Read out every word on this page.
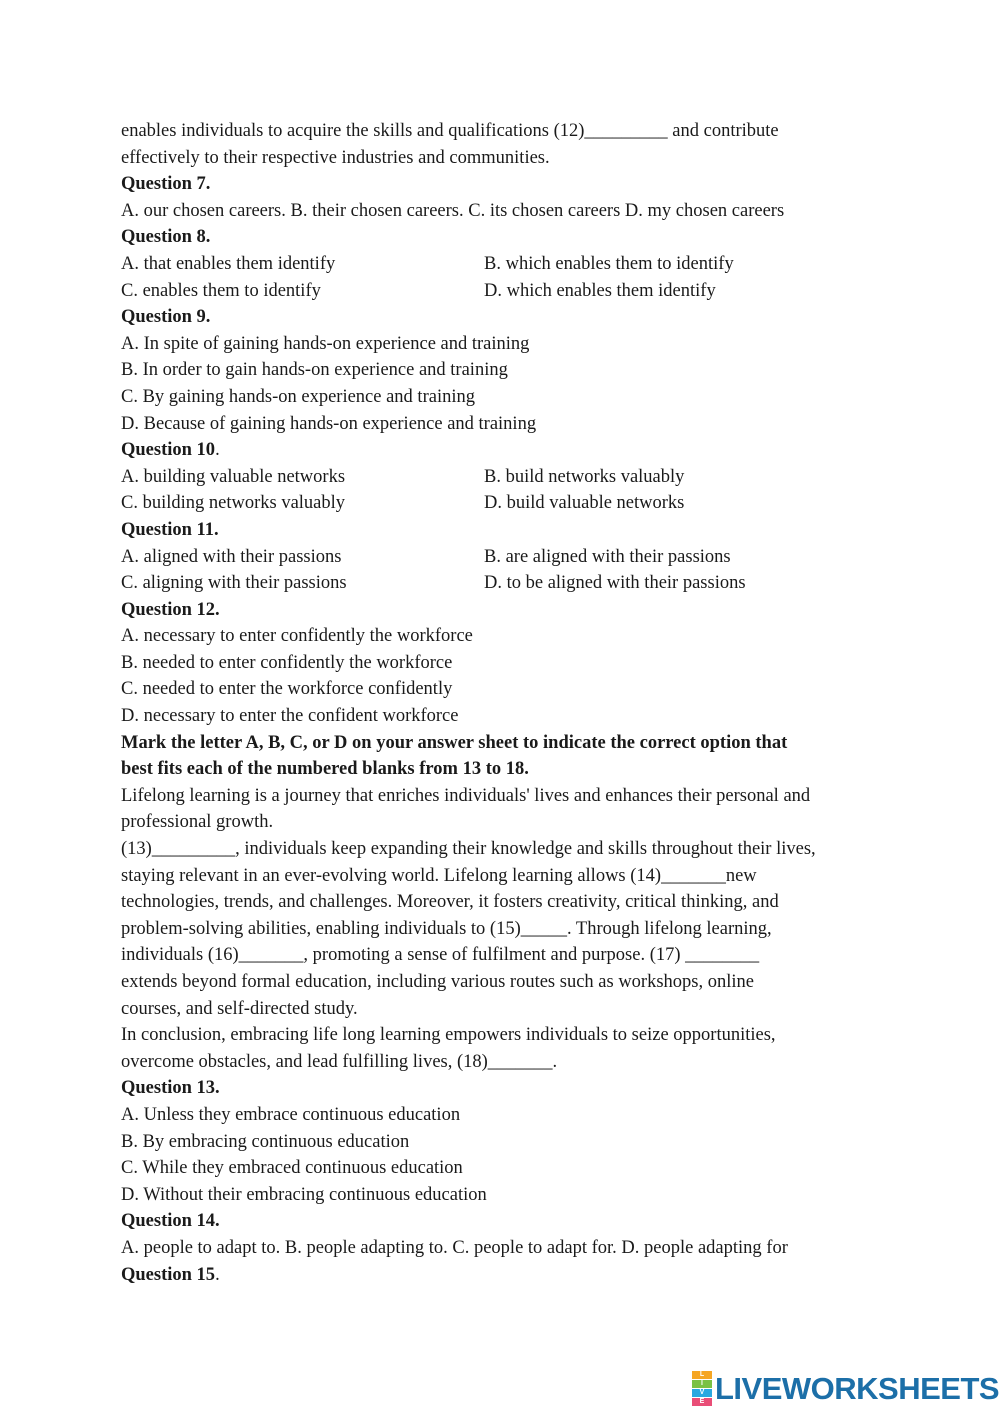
enables individuals to acquire the skills and qualifications (12)_________ and contribute
effectively to their respective industries and communities.
Question 7.
A. our chosen careers. B. their chosen careers. C. its chosen careers D. my chosen careers
Question 8.
A. that enables them identify	B. which enables them to identify
C. enables them to identify	D. which enables them identify
Question 9.
A. In spite of gaining hands-on experience and training
B. In order to gain hands-on experience and training
C. By gaining hands-on experience and training
D. Because of gaining hands-on experience and training
Question 10.
A. building valuable networks	B. build networks valuably
C. building networks valuably	D. build valuable networks
Question 11.
A. aligned with their passions	B. are aligned with their passions
C. aligning with their passions	D. to be aligned with their passions
Question 12.
A. necessary to enter confidently the workforce
B. needed to enter confidently the workforce
C. needed to enter the workforce confidently
D. necessary to enter the confident workforce
Mark the letter A, B, C, or D on your answer sheet to indicate the correct option that
best fits each of the numbered blanks from 13 to 18.
Lifelong learning is a journey that enriches individuals' lives and enhances their personal and
professional growth.
(13)_________, individuals keep expanding their knowledge and skills throughout their lives,
staying relevant in an ever-evolving world. Lifelong learning allows (14)_______new
technologies, trends, and challenges. Moreover, it fosters creativity, critical thinking, and
problem-solving abilities, enabling individuals to (15)_____. Through lifelong learning,
individuals (16)_______, promoting a sense of fulfilment and purpose. (17) ________
extends beyond formal education, including various routes such as workshops, online
courses, and self-directed study.
In conclusion, embracing life long learning empowers individuals to seize opportunities,
overcome obstacles, and lead fulfilling lives, (18)_______.
Question 13.
A. Unless they embrace continuous education
B. By embracing continuous education
C. While they embraced continuous education
D. Without their embracing continuous education
Question 14.
A. people to adapt to. B. people adapting to. C. people to adapt for. D. people adapting for
Question 15.
L
I
V
E LIVEWORKSHEETS
